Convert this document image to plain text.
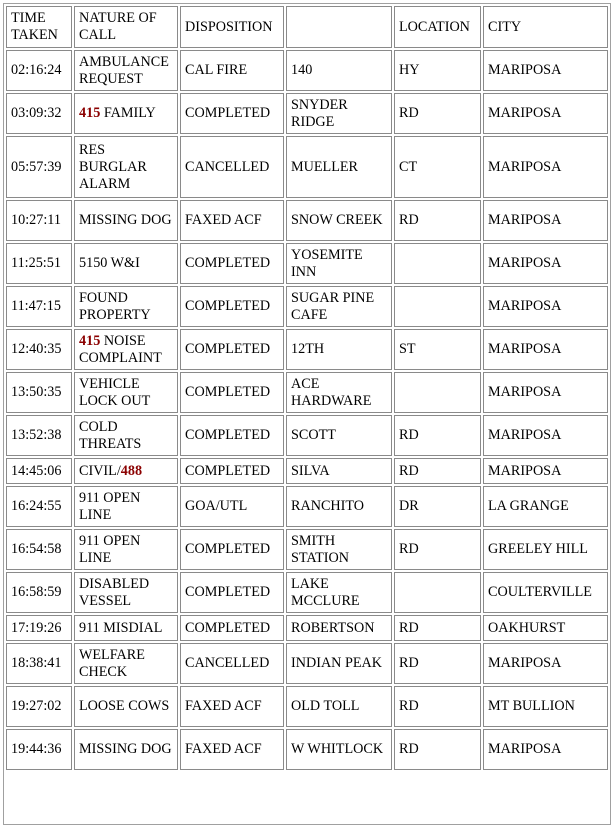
TIME TAKEN	NATURE OF CALL	DISPOSITION		LOCATION	CITY
02:16:24	AMBULANCE REQUEST	CAL FIRE	140	HY	MARIPOSA
03:09:32	415 FAMILY	COMPLETED	SNYDER RIDGE	RD	MARIPOSA
05:57:39	RES BURGLAR ALARM	CANCELLED	MUELLER	CT	MARIPOSA
10:27:11	MISSING DOG	FAXED ACF	SNOW CREEK	RD	MARIPOSA
11:25:51	5150 W&I	COMPLETED	YOSEMITE INN		MARIPOSA
11:47:15	FOUND PROPERTY	COMPLETED	SUGAR PINE CAFE		MARIPOSA
12:40:35	415 NOISE COMPLAINT	COMPLETED	12TH	ST	MARIPOSA
13:50:35	VEHICLE LOCK OUT	COMPLETED	ACE HARDWARE		MARIPOSA
13:52:38	COLD THREATS	COMPLETED	SCOTT	RD	MARIPOSA
14:45:06	CIVIL/488	COMPLETED	SILVA	RD	MARIPOSA
16:24:55	911 OPEN LINE	GOA/UTL	RANCHITO	DR	LA GRANGE
16:54:58	911 OPEN LINE	COMPLETED	SMITH STATION	RD	GREELEY HILL
16:58:59	DISABLED VESSEL	COMPLETED	LAKE MCCLURE		COULTERVILLE
17:19:26	911 MISDIAL	COMPLETED	ROBERTSON	RD	OAKHURST
18:38:41	WELFARE CHECK	CANCELLED	INDIAN PEAK	RD	MARIPOSA
19:27:02	LOOSE COWS	FAXED ACF	OLD TOLL	RD	MT BULLION
19:44:36	MISSING DOG	FAXED ACF	W WHITLOCK	RD	MARIPOSA
